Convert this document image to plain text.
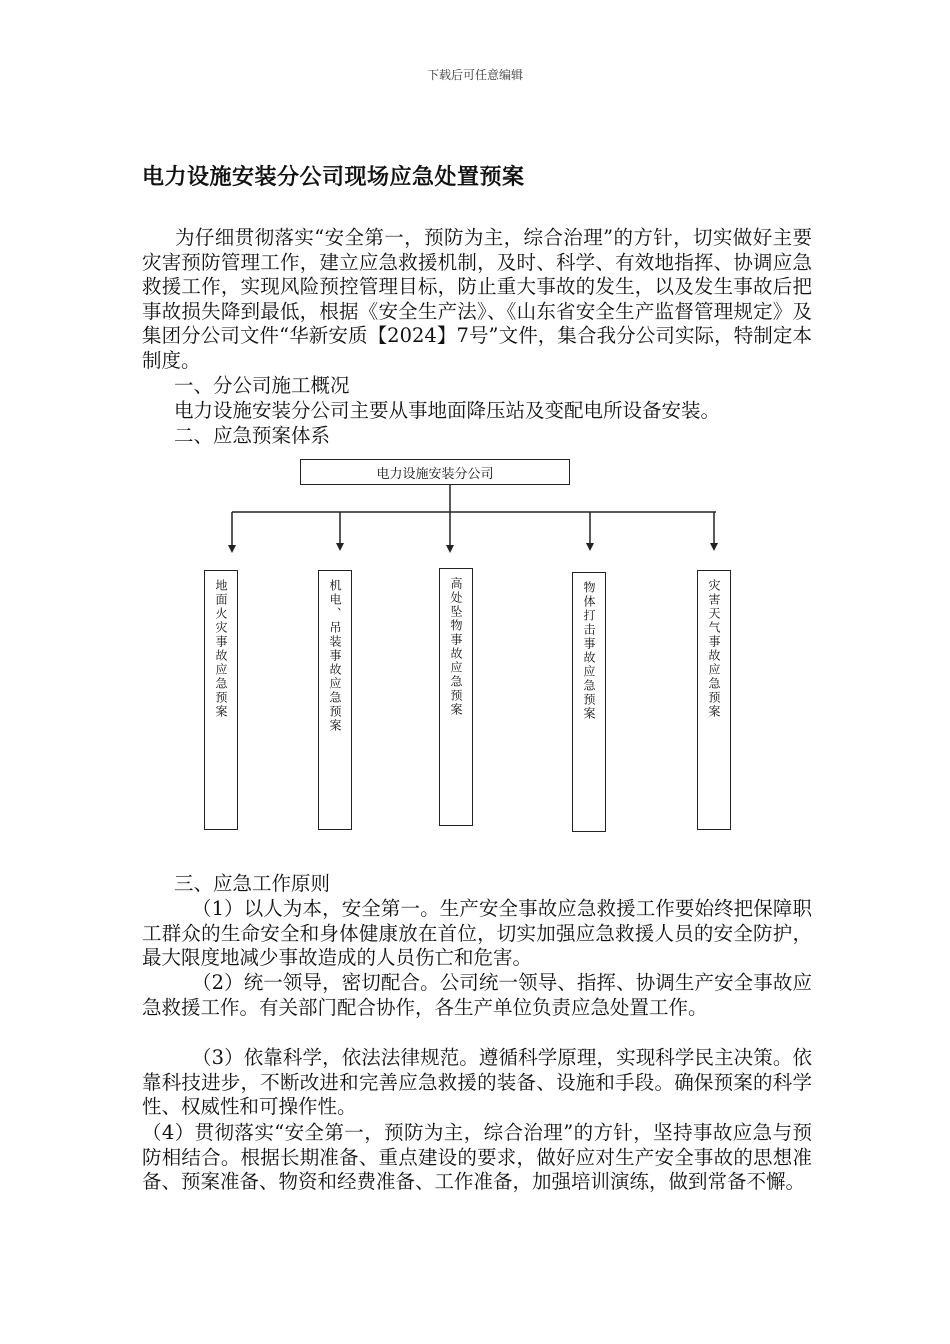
下载后可任意编辑
电力设施安装分公司现场应急处置预案

为仔细贯彻落实“安全第一，预防为主，综合治理”的方针，切实做好主要灾害预防管理工作，建立应急救援机制，及时、科学、有效地指挥、协调应急救援工作，实现风险预控管理目标，防止重大事故的发生，以及发生事故后把事故损失降到最低，根据《安全生产法》、《山东省安全生产监督管理规定》及集团分公司文件“华新安质【2024】7号”文件，集合我分公司实际，特制定本制度。

一、分公司施工概况

电力设施安装分公司主要从事地面降压站及变配电所设备安装。

二、应急预案体系

电力设施安装分公司
地面火灾事故应急预案	机电、吊装事故应急预案	高处坠物事故应急预案	物体打击事故应急预案	灾害天气事故应急预案

三、应急工作原则

（1）以人为本，安全第一。生产安全事故应急救援工作要始终把保障职工群众的生命安全和身体健康放在首位，切实加强应急救援人员的安全防护，最大限度地减少事故造成的人员伤亡和危害。

（2）统一领导，密切配合。公司统一领导、指挥、协调生产安全事故应急救援工作。有关部门配合协作，各生产单位负责应急处置工作。

（3）依靠科学，依法法律规范。遵循科学原理，实现科学民主决策。依靠科技进步，不断改进和完善应急救援的装备、设施和手段。确保预案的科学性、权威性和可操作性。

（4）贯彻落实“安全第一，预防为主，综合治理”的方针，坚持事故应急与预防相结合。根据长期准备、重点建设的要求，做好应对生产安全事故的思想准备、预案准备、物资和经费准备、工作准备，加强培训演练，做到常备不懈。
